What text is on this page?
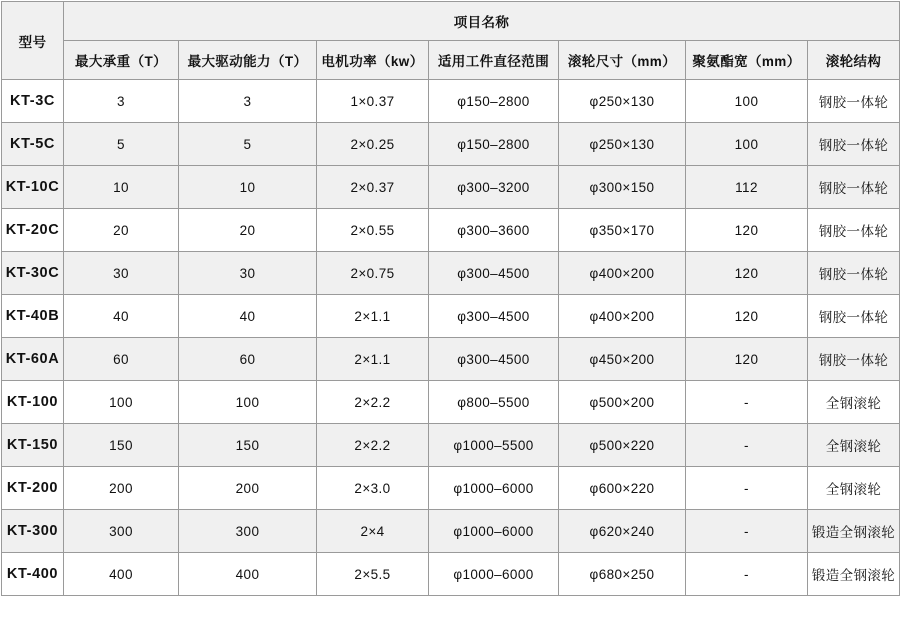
型号	项目名称						
	最大承重（T）	最大驱动能力（T）	电机功率（kw）	适用工件直径范围	滚轮尺寸（mm）	聚氨酯宽（mm）	滚轮结构
KT-3C	3	3	1×0.37	φ150–2800	φ250×130	100	钢胶一体轮
KT-5C	5	5	2×0.25	φ150–2800	φ250×130	100	钢胶一体轮
KT-10C	10	10	2×0.37	φ300–3200	φ300×150	112	钢胶一体轮
KT-20C	20	20	2×0.55	φ300–3600	φ350×170	120	钢胶一体轮
KT-30C	30	30	2×0.75	φ300–4500	φ400×200	120	钢胶一体轮
KT-40B	40	40	2×1.1	φ300–4500	φ400×200	120	钢胶一体轮
KT-60A	60	60	2×1.1	φ300–4500	φ450×200	120	钢胶一体轮
KT-100	100	100	2×2.2	φ800–5500	φ500×200	-	全钢滚轮
KT-150	150	150	2×2.2	φ1000–5500	φ500×220	-	全钢滚轮
KT-200	200	200	2×3.0	φ1000–6000	φ600×220	-	全钢滚轮
KT-300	300	300	2×4	φ1000–6000	φ620×240	-	锻造全钢滚轮
KT-400	400	400	2×5.5	φ1000–6000	φ680×250	-	锻造全钢滚轮
